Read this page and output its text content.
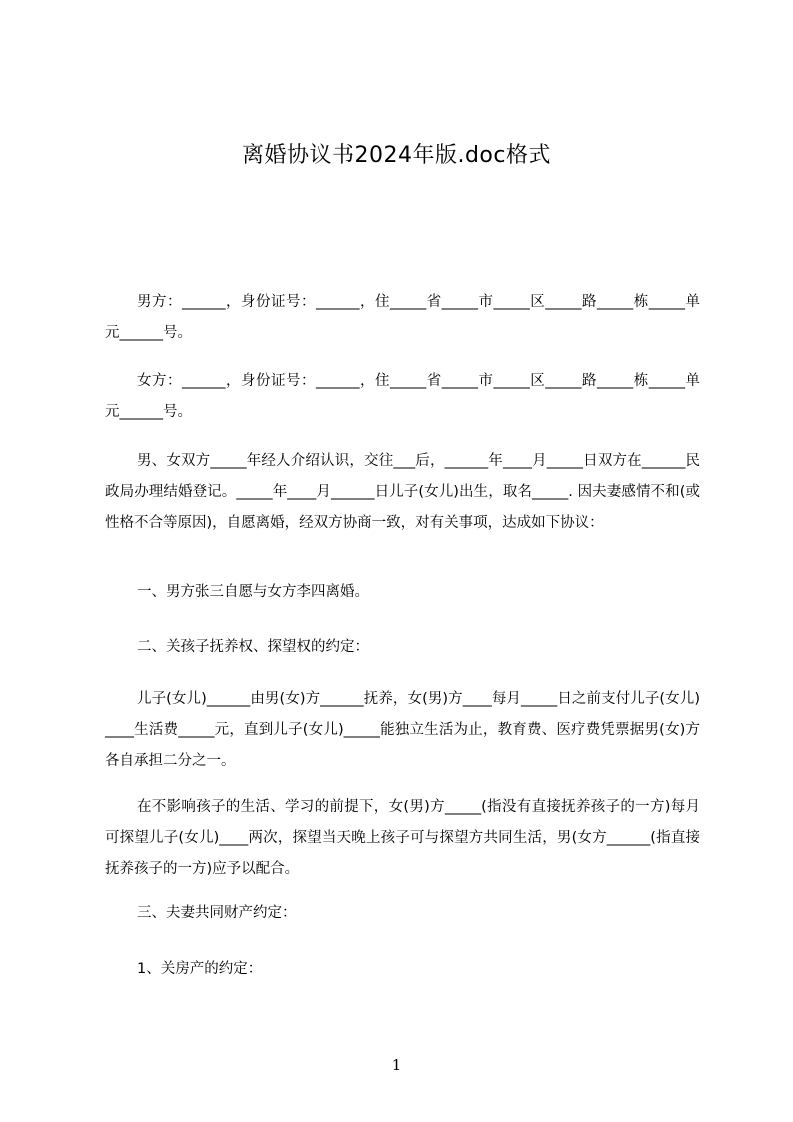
离婚协议书2024年版.doc格式
男方：______，身份证号：______，住_____省_____市_____区_____路_____栋_____单元______号。
女方：______，身份证号：______，住_____省_____市_____区_____路_____栋_____单元______号。
男、女双方_____年经人介绍认识，交往___后，______年____月_____日双方在______民政局办理结婚登记。_____年____月______日儿子(女儿)出生，取名_____. 因夫妻感情不和(或性格不合等原因)，自愿离婚，经双方协商一致，对有关事项，达成如下协议：
一、男方张三自愿与女方李四离婚。
二、关孩子抚养权、探望权的约定：
儿子(女儿)______由男(女)方______抚养，女(男)方____每月_____日之前支付儿子(女儿)____生活费_____元，直到儿子(女儿)_____能独立生活为止，教育费、医疗费凭票据男(女)方各自承担二分之一。
在不影响孩子的生活、学习的前提下，女(男)方_____(指没有直接抚养孩子的一方)每月可探望儿子(女儿)____两次，探望当天晚上孩子可与探望方共同生活，男(女方______(指直接抚养孩子的一方)应予以配合。
三、夫妻共同财产约定：
1、关房产的约定：
1
